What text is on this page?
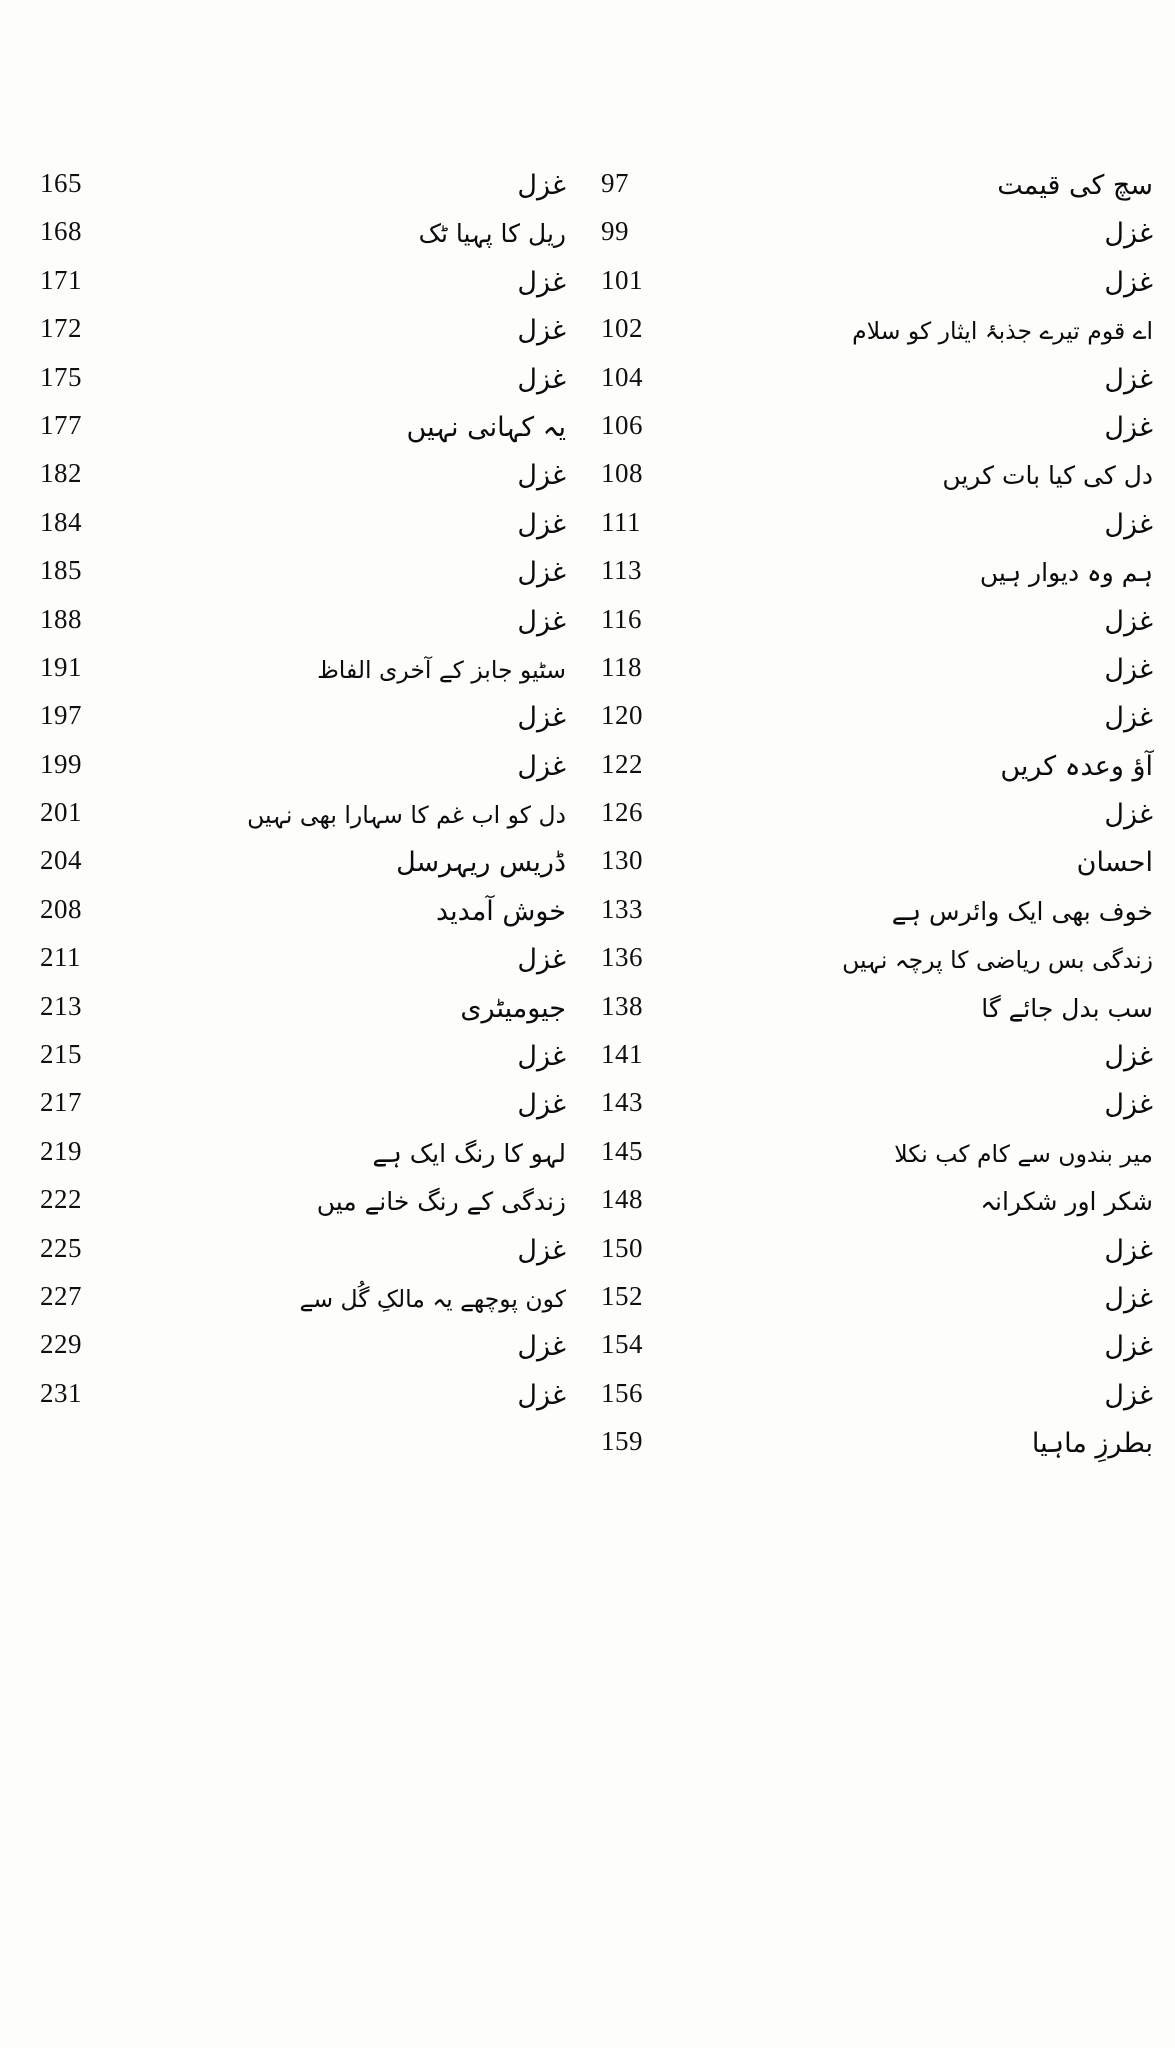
165	غزل
168	ریل کا پہیا ٹک
171	غزل
172	غزل
175	غزل
177	یہ کہانی نہیں
182	غزل
184	غزل
185	غزل
188	غزل
191	سٹیو جابز کے آخری الفاظ
197	غزل
199	غزل
201	دل کو اب غم کا سہارا بھی نہیں
204	ڈریس ریہرسل
208	خوش آمدید
211	غزل
213	جیومیٹری
215	غزل
217	غزل
219	لہو کا رنگ ایک ہے
222	زندگی کے رنگ خانے میں
225	غزل
227	کون پوچھے یہ مالکِ گُل سے
229	غزل
231	غزل
97	سچ کی قیمت
99	غزل
101	غزل
102	اے قوم تیرے جذبۂ ایثار کو سلام
104	غزل
106	غزل
108	دل کی کیا بات کریں
111	غزل
113	ہم وہ دیوار ہیں
116	غزل
118	غزل
120	غزل
122	آؤ وعدہ کریں
126	غزل
130	احسان
133	خوف بھی ایک وائرس ہے
136	زندگی بس ریاضی کا پرچہ نہیں
138	سب بدل جائے گا
141	غزل
143	غزل
145	میر بندوں سے کام کب نکلا
148	شکر اور شکرانہ
150	غزل
152	غزل
154	غزل
156	غزل
159	بطرزِ ماہیا
